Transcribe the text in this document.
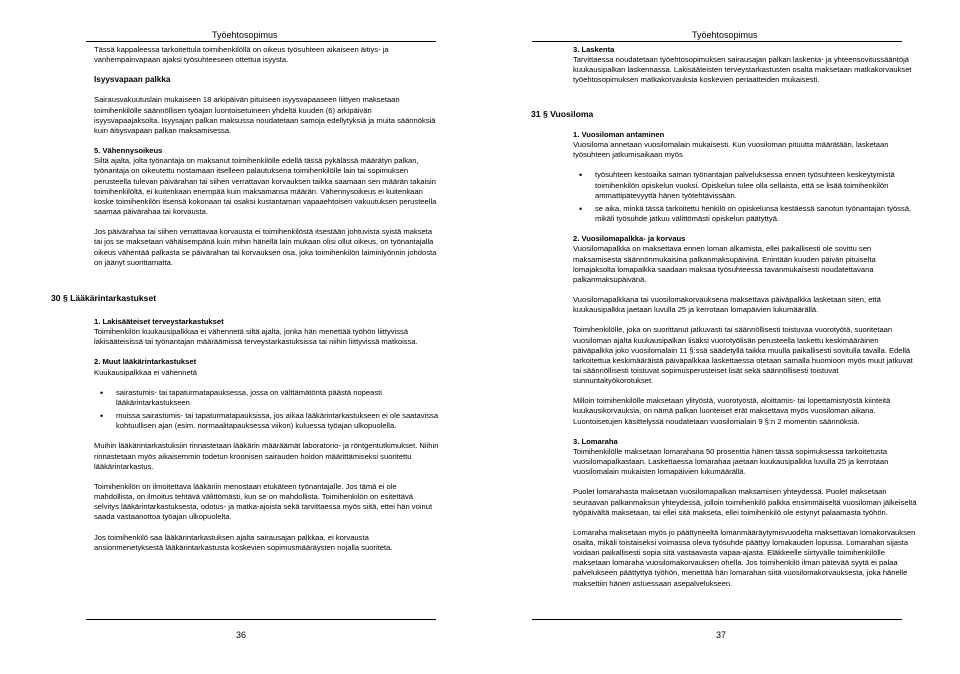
Työehtosopimus

Tässä kappaleessa tarkoitettula toimihenkilöllä on oikeus työsuhteen aikaiseen äitiys- ja vanhempainvapaan ajaksi työsuhteeseen ottettua isyysta.

Isyysvapaan palkka

Sairausvakuutuslain mukaiseen 18 arkipäivän pituiseen isyysvapaaseen liittyen maksetaan toimihenkilölle säännöllisen työajan luontoisetuineen yhdeltä kuuden (6) arkipäivän isyysvapaajaksolta. Isyysajan palkan maksussa noudatetaan samoja edellytyksiä ja muita säännöksiä kuin äitiysvapaan palkan maksamisessa.

5. Vähennysoikeus

Siltä ajalta, jolta työnantaja on maksanut toimihenkilölle edellä tässä pykälässä määrätyn palkan, työnantaja on oikeutettu nostamaan itselleen palautuksena toimihenkilölle lain tai sopimuksen perusteella tulevan päivärahan tai siihen verrattavan korvauksen taikka saamaan sen määrän takaisin toimihenkilöltä, ei kuitenkaan enempää kuin maksamansa määrän. Vähennysoikeus ei kuitenkaan koske toimihenkilön itsensä kokonaan tai osaksi kustantaman vapaaehtoisen vakuutuksen perusteella saamaa päivärahaa tai korvausta.

Jos päivärahaa tai siihen verrattavaa korvausta ei toimihenkilöstä itsestään johtuvista syistä makseta tai jos se maksetaan vähäisempänä kuin mihin hänellä lain mukaan olisi ollut oikeus, on työnantajalla oikeus vähentää palkasta se päivärahan tai korvauksen osa, joka toimihenkilön laiminlyönnin johdosta on jäänyt suorittamatta.

30 § Lääkärintarkastukset

1. Lakisääteiset terveystarkastukset

Toimihenkilön kuukausipalkkaa ei vähennetä siltä ajalta, jonka hän menettää työhön liittyvissä lakisääteisissä tai työnantajan määräämissä terveystarkastuksissa tai niihin liittyvissä matkoissa.

2. Muut lääkärintarkastukset

Kuukausipalkkaa ei vähennetä

• sairastumis- tai tapaturmatapauksessa, jossa on välttämätöntä päästä nopeasti lääkärintarkastukseen
• muissa sairastumis- tai tapaturmatapauksissa, jos aikaa lääkärintarkastukseen ei ole saatavissa kohtuullisen ajan (esim. normaalitapauksessa viikon) kuluessa työajan ulkopuolella.

Muihin lääkärintarkastuksiin rinnastetaan lääkärin määräämät laboratorio- ja röntgentutkimukset. Niihin rinnastetaan myös aikaisemmin todetun kroonisen sairauden hoidon määrittämiseksi suoritettu lääkärintarkastus.

Toimihenkilön on ilmoitettava lääkäriin menostaan etukäteen työnantajalle. Jos tämä ei ole mahdollista, on ilmoitus tehtävä välittömästi, kun se on mahdollista. Toimihenkilön on esitettävä selvitys lääkärintarkastuksesta, odotus- ja matka-ajoista sekä tarvittaessa myös siitä, ettei hän voinut saada vastaanottoa työajan ulkopuolelta.

Jos toimihenkilö saa lääkärintarkastuksen ajalta sairausajan palkkaa, ei korvausta ansionmenetyksestä lääkärintarkastusta koskevien sopimusmääräysten nojalla suoriteta.

36
Työehtosopimus

3. Laskenta

Tarvittaessa noudatetaan työehtosopimuksen sairausajan palkan laskenta- ja yhteensovitussääntöjä kuukausipalkan laskennassa. Lakisääteisten terveystarkastusten osalta maksetaan matkakorvaukset työehtosopimuksen matkakorvauksia koskevien periaatteiden mukaisesti.

31 § Vuosiloma

1. Vuosiloman antaminen

Vuosiloma annetaan vuosilomalain mukaisesti. Kun vuosiloman pituutta määrätään, lasketaan työsuhteen jatkumisaikaan myös

• työsuhteen kestoaika saman työnantajan palveluksessa ennen työsuhteen keskeytymistä toimihenkilön opiskelun vuoksi. Opiskelun tulee olla sellaista, että se lisää toimihenkilön ammattipätevyyttä hänen työtehtävissään.
• se aika, minkä tässä tarkoitettu henkilö on opiskelunsa kestäessä sanotun työnantajan työssä, mikäli työsuhde jatkuu välittömästi opiskelun päätyttyä.

2. Vuosilomapalkka- ja korvaus

Vuosilomapalkka on maksettava ennen loman alkamista, ellei paikallisesti ole sovittu sen maksamisesta säännönmukaisina palkanmaksupäivinä. Enintään kuuden päivän pituiselta lomajaksolta lomapalkka saadaan maksaa työsuhteessa tavanmukaisesti noudatettavana palkanmaksupäivänä.

Vuosilomapalkkana tai vuosilomakorvauksena maksettava päiväpalkka lasketaan siten, että kuukausipalkka jaetaan luvulla 25 ja kerrotaan lomapäivien lukumäärällä.

Toimihenkilölle, joka on suorittanut jatkuvasti tai säännöllisesti toistuvaa vuorotyötä, suoritetaan vuosiloman ajalta kuukausipalkan lisäksi vuorotyölisän perusteella laskettu keskimääräinen päiväpalkka joko vuosilomalain 11 §:ssä säädetyllä taikka muulla paikallisesti sovitulla tavalla. Edellä tarkoitettua keskimääräistä päiväpalkkaa laskettaessa otetaan samalla huomioon myös muut jatkuvat tai säännöllisesti toistuvat sopimusperusteiset lisät sekä säännöllisesti toistuvat sunnuntaityökorotukset.

Milloin toimihenkilölle maksetaan ylityöstä, vuorotyöstä, aloittamis- tai lopettamistyöstä kiinteitä kuukausikorvauksia, on nämä palkan luonteiset erät maksettava myös vuosiloman aikana. Luontoisetujen käsittelyssä noudatetaan vuosilomalain 9 §:n 2 momentin säännöksiä.

3. Lomaraha

Toimihenkilölle maksetaan lomarahana 50 prosenttia hänen tässä sopimuksessa tarkoitetusta vuosilomapalkastaan. Laskettaessa lomarahaa jaetaan kuukausipalkka luvulla 25 ja kerrotaan vuosilomalain mukaisten lomapäivien lukumäärällä.

Puolet lomarahasta maksetaan vuosilomapalkan maksamisen yhteydessä. Puolet maksetaan seuraavan palkanmaksun yhteydessä, jolloin toimihenkilö palkka ensimmäiseltä vuosiloman jälkeiseltä työpäivältä maksetaan, tai ellei sitä makseta, ellei toimihenkilö ole estynyt palaamasta työhön.

Lomaraha maksetaan myös jo päättyneeltä lomanmääräytymisvuodelta maksettavan lomakorvauksen osalta, mikäli toistaiseksi voimassa oleva työsuhde päättyy lomakauden lopussa. Lomarahan sijasta voidaan paikallisesti sopia sitä vastaavasta vapaa-ajasta. Eläkkeelle siirtyvälle toimihenkilölle maksetaan lomaraha vuosilomakorvauksen ohella. Jos toimihenkilö ilman pätevää syytä ei palaa palvelukseen päättyttyä työhön, menettää hän lomarahan siitä vuosilomakorvauksesta, joka hänelle maksettiin hänen astuessaan asepalvelukseen.

37
